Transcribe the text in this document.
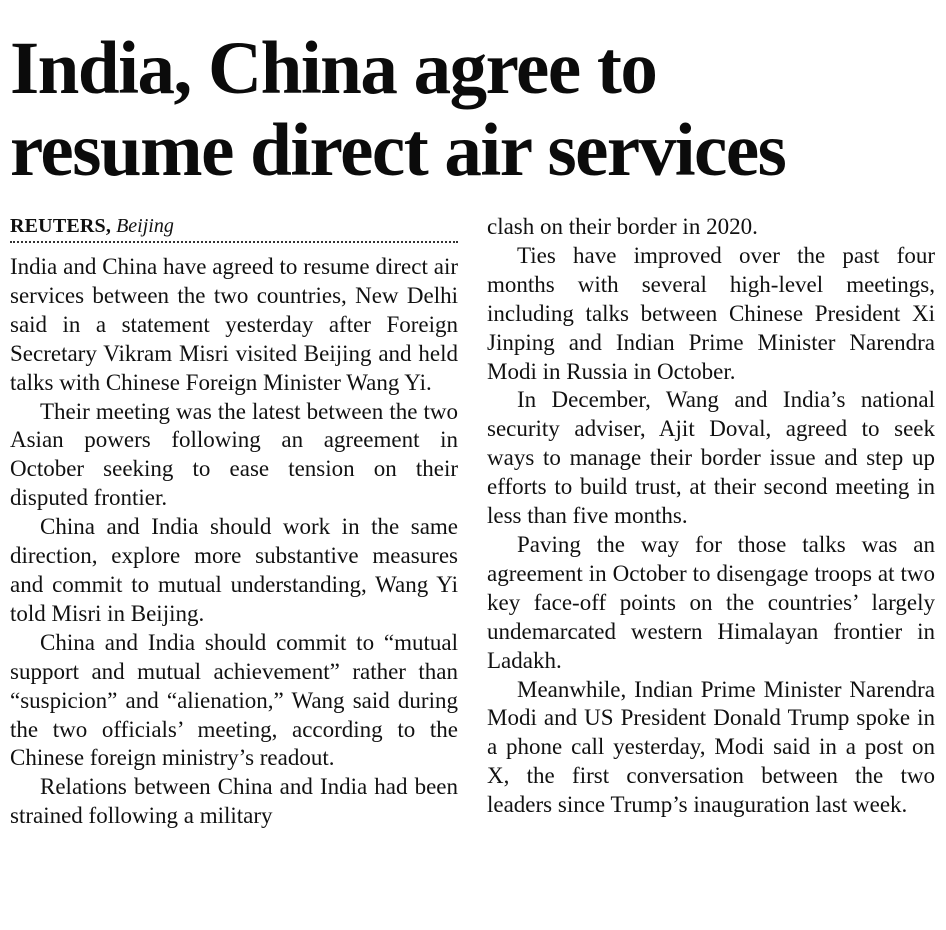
India, China agree to
resume direct air services
REUTERS, Beijing

India and China have agreed to resume direct air services between the two countries, New Delhi said in a statement yesterday after Foreign Secretary Vikram Misri visited Beijing and held talks with Chinese Foreign Minister Wang Yi.

Their meeting was the latest between the two Asian powers following an agreement in October seeking to ease tension on their disputed frontier.

China and India should work in the same direction, explore more substantive measures and commit to mutual understanding, Wang Yi told Misri in Beijing.

China and India should commit to “mutual support and mutual achievement” rather than “suspicion” and “alienation,” Wang said during the two officials’ meeting, according to the Chinese foreign ministry’s readout.

Relations between China and India had been strained following a military

clash on their border in 2020.

Ties have improved over the past four months with several high-level meetings, including talks between Chinese President Xi Jinping and Indian Prime Minister Narendra Modi in Russia in October.

In December, Wang and India’s national security adviser, Ajit Doval, agreed to seek ways to manage their border issue and step up efforts to build trust, at their second meeting in less than five months.

Paving the way for those talks was an agreement in October to disengage troops at two key face-off points on the countries’ largely undemarcated western Himalayan frontier in Ladakh.

Meanwhile, Indian Prime Minister Narendra Modi and US President Donald Trump spoke in a phone call yesterday, Modi said in a post on X, the first conversation between the two leaders since Trump’s inauguration last week.
